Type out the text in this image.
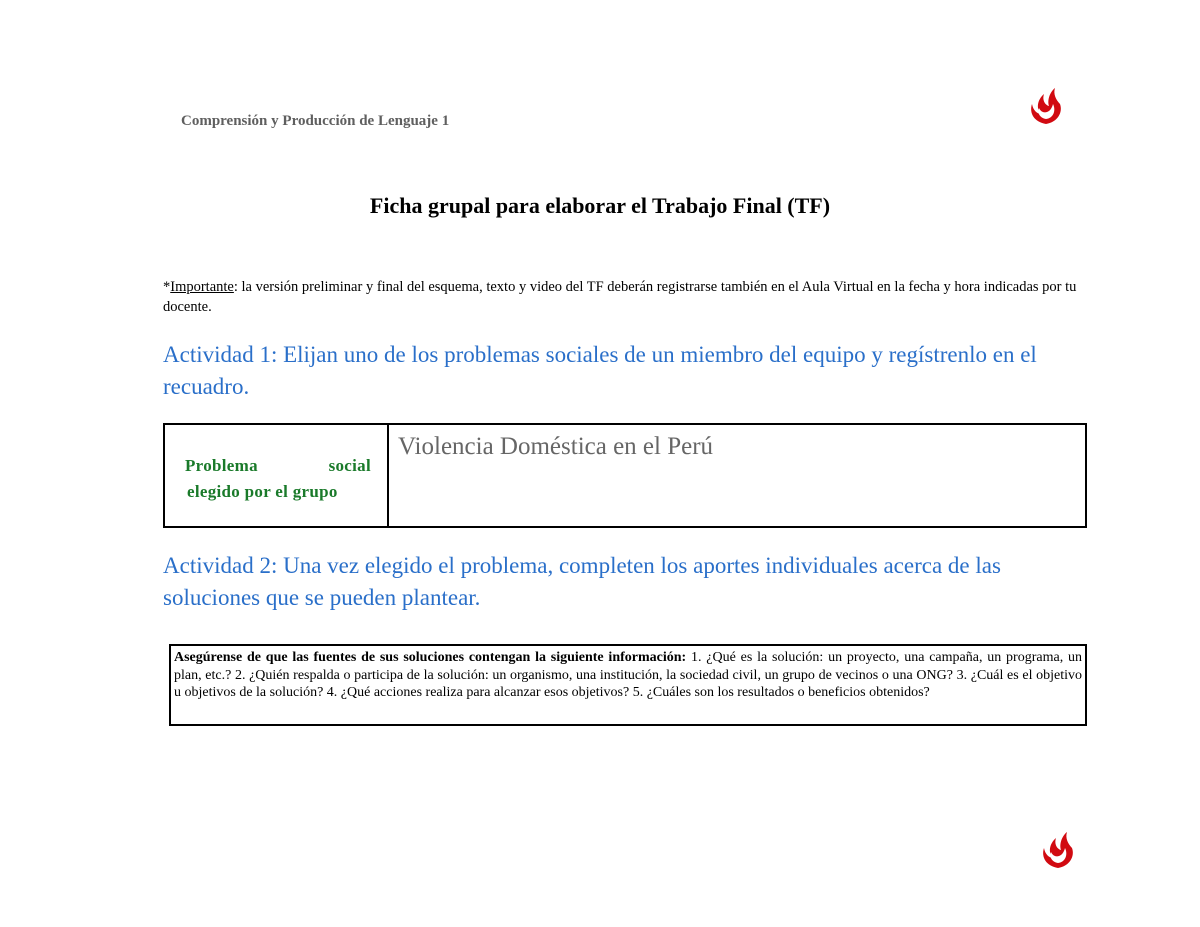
Comprensión y Producción de Lenguaje 1

Ficha grupal para elaborar el Trabajo Final (TF)

*Importante: la versión preliminar y final del esquema, texto y video del TF deberán registrarse también en el Aula Virtual en la fecha y hora indicadas por tu docente.

Actividad 1: Elijan uno de los problemas sociales de un miembro del equipo y regístrenlo en el recuadro.

Problema social
elegido por el grupo
Violencia Doméstica en el Perú

Actividad 2: Una vez elegido el problema, completen los aportes individuales acerca de las soluciones que se pueden plantear.

Asegúrense de que las fuentes de sus soluciones contengan la siguiente información: 1. ¿Qué es la solución: un proyecto, una campaña, un programa, un plan, etc.? 2. ¿Quién respalda o participa de la solución: un organismo, una institución, la sociedad civil, un grupo de vecinos o una ONG? 3. ¿Cuál es el objetivo u objetivos de la solución? 4. ¿Qué acciones realiza para alcanzar esos objetivos? 5. ¿Cuáles son los resultados o beneficios obtenidos?
